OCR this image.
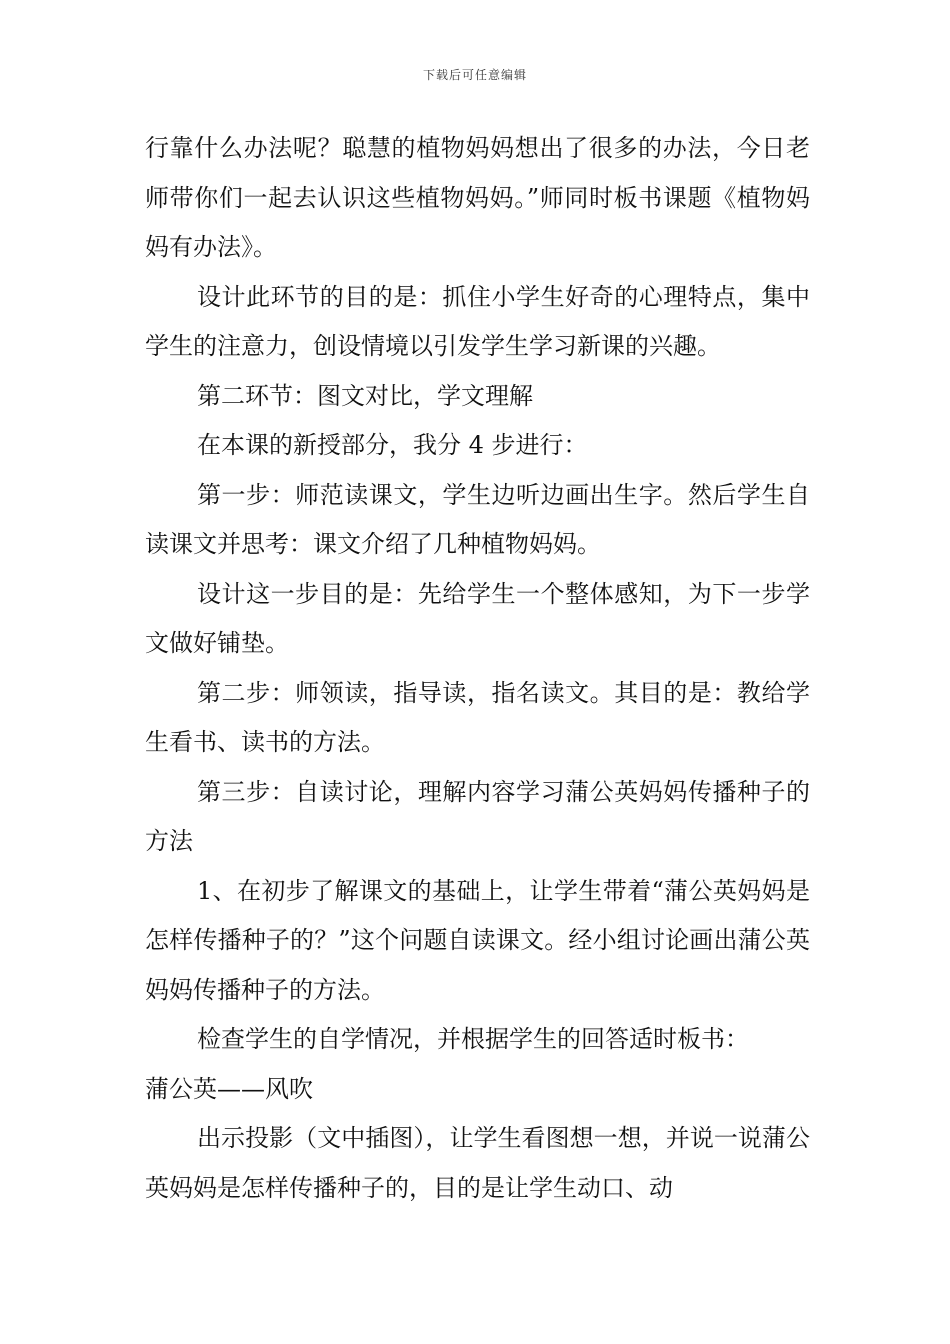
下载后可任意编辑

行靠什么办法呢？聪慧的植物妈妈想出了很多的办法，今日老师带你们一起去认识这些植物妈妈。”师同时板书课题《植物妈妈有办法》。

设计此环节的目的是：抓住小学生好奇的心理特点，集中学生的注意力，创设情境以引发学生学习新课的兴趣。

第二环节：图文对比，学文理解

在本课的新授部分，我分 4 步进行：

第一步：师范读课文，学生边听边画出生字。然后学生自读课文并思考：课文介绍了几种植物妈妈。

设计这一步目的是：先给学生一个整体感知，为下一步学文做好铺垫。

第二步：师领读，指导读，指名读文。其目的是：教给学生看书、读书的方法。

第三步：自读讨论，理解内容学习蒲公英妈妈传播种子的方法

1、在初步了解课文的基础上，让学生带着“蒲公英妈妈是怎样传播种子的？”这个问题自读课文。经小组讨论画出蒲公英妈妈传播种子的方法。

检查学生的自学情况，并根据学生的回答适时板书：

蒲公英——风吹

出示投影（文中插图），让学生看图想一想，并说一说蒲公英妈妈是怎样传播种子的，目的是让学生动口、动
